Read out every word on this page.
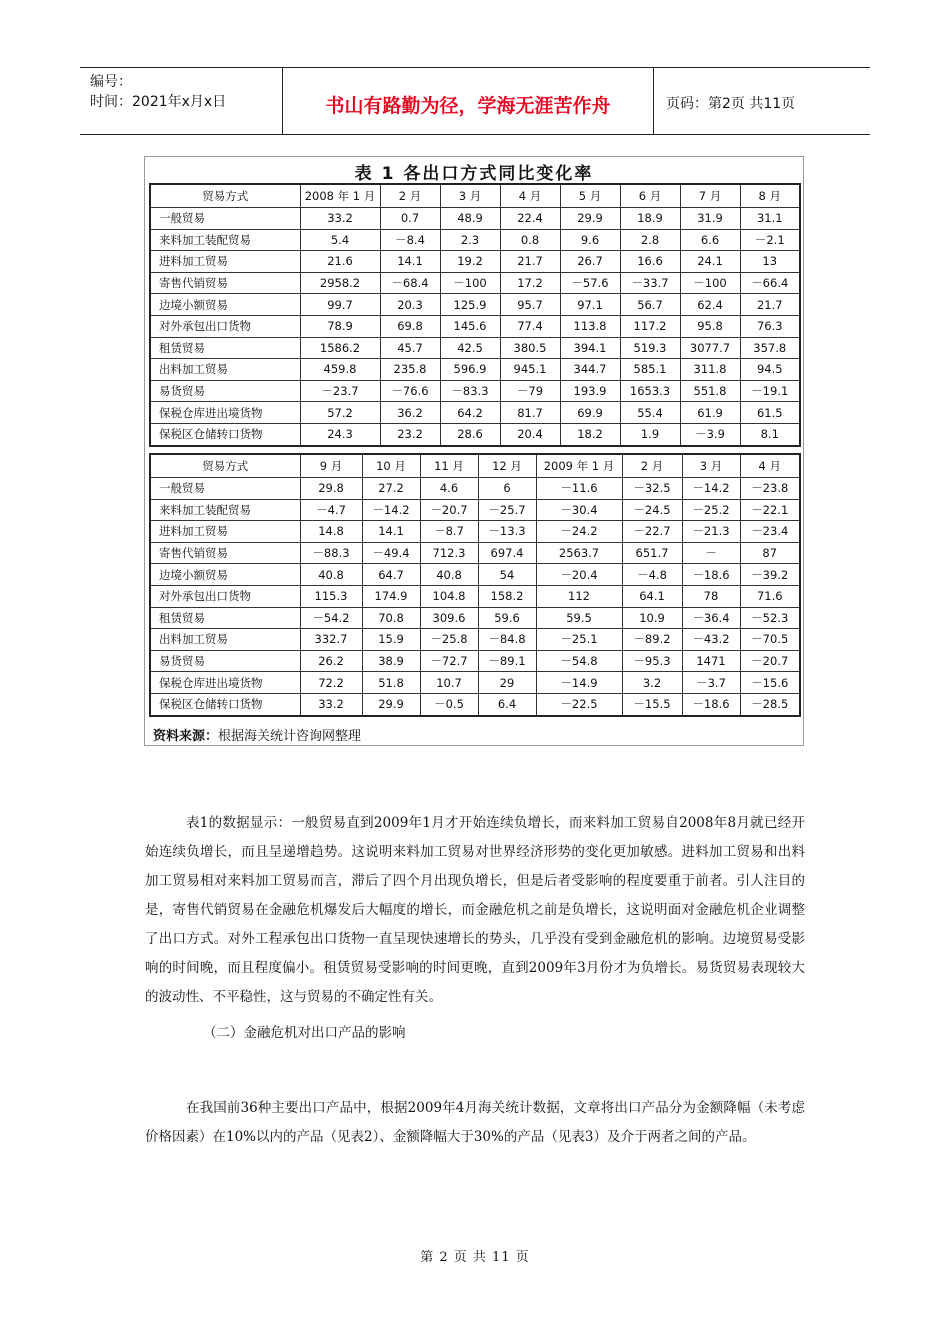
编号：
时间：2021年x月x日	书山有路勤为径，学海无涯苦作舟	页码：第2页 共11页
表 1 各出口方式同比变化率
贸易方式	2008 年 1 月	2 月	3 月	4 月	5 月	6 月	7 月	8 月
一般贸易	33.2	0.7	48.9	22.4	29.9	18.9	31.9	31.1
来料加工装配贸易	5.4	－8.4	2.3	0.8	9.6	2.8	6.6	－2.1
进料加工贸易	21.6	14.1	19.2	21.7	26.7	16.6	24.1	13
寄售代销贸易	2958.2	－68.4	－100	17.2	－57.6	－33.7	－100	－66.4
边境小额贸易	99.7	20.3	125.9	95.7	97.1	56.7	62.4	21.7
对外承包出口货物	78.9	69.8	145.6	77.4	113.8	117.2	95.8	76.3
租赁贸易	1586.2	45.7	42.5	380.5	394.1	519.3	3077.7	357.8
出料加工贸易	459.8	235.8	596.9	945.1	344.7	585.1	311.8	94.5
易货贸易	－23.7	－76.6	－83.3	－79	193.9	1653.3	551.8	－19.1
保税仓库进出境货物	57.2	36.2	64.2	81.7	69.9	55.4	61.9	61.5
保税区仓储转口货物	24.3	23.2	28.6	20.4	18.2	1.9	－3.9	8.1
贸易方式	9 月	10 月	11 月	12 月	2009 年 1 月	2 月	3 月	4 月
一般贸易	29.8	27.2	4.6	6	－11.6	－32.5	－14.2	－23.8
来料加工装配贸易	－4.7	－14.2	－20.7	－25.7	－30.4	－24.5	－25.2	－22.1
进料加工贸易	14.8	14.1	－8.7	－13.3	－24.2	－22.7	－21.3	－23.4
寄售代销贸易	－88.3	－49.4	712.3	697.4	2563.7	651.7	－	87
边境小额贸易	40.8	64.7	40.8	54	－20.4	－4.8	－18.6	－39.2
对外承包出口货物	115.3	174.9	104.8	158.2	112	64.1	78	71.6
租赁贸易	－54.2	70.8	309.6	59.6	59.5	10.9	－36.4	－52.3
出料加工贸易	332.7	15.9	－25.8	－84.8	－25.1	－89.2	－43.2	－70.5
易货贸易	26.2	38.9	－72.7	－89.1	－54.8	－95.3	1471	－20.7
保税仓库进出境货物	72.2	51.8	10.7	29	－14.9	3.2	－3.7	－15.6
保税区仓储转口货物	33.2	29.9	－0.5	6.4	－22.5	－15.5	－18.6	－28.5
资料来源：根据海关统计咨询网整理
表1的数据显示：一般贸易直到2009年1月才开始连续负增长，而来料加工贸易自2008年8月就已经开始连续负增长，而且呈递增趋势。这说明来料加工贸易对世界经济形势的变化更加敏感。进料加工贸易和出料加工贸易相对来料加工贸易而言，滞后了四个月出现负增长，但是后者受影响的程度要重于前者。引人注目的是，寄售代销贸易在金融危机爆发后大幅度的增长，而金融危机之前是负增长，这说明面对金融危机企业调整了出口方式。对外工程承包出口货物一直呈现快速增长的势头，几乎没有受到金融危机的影响。边境贸易受影响的时间晚，而且程度偏小。租赁贸易受影响的时间更晚，直到2009年3月份才为负增长。易货贸易表现较大的波动性、不平稳性，这与贸易的不确定性有关。
（二）金融危机对出口产品的影响
在我国前36种主要出口产品中，根据2009年4月海关统计数据，文章将出口产品分为金额降幅（未考虑价格因素）在10%以内的产品（见表2）、金额降幅大于30%的产品（见表3）及介于两者之间的产品。
第 2 页 共 11 页
